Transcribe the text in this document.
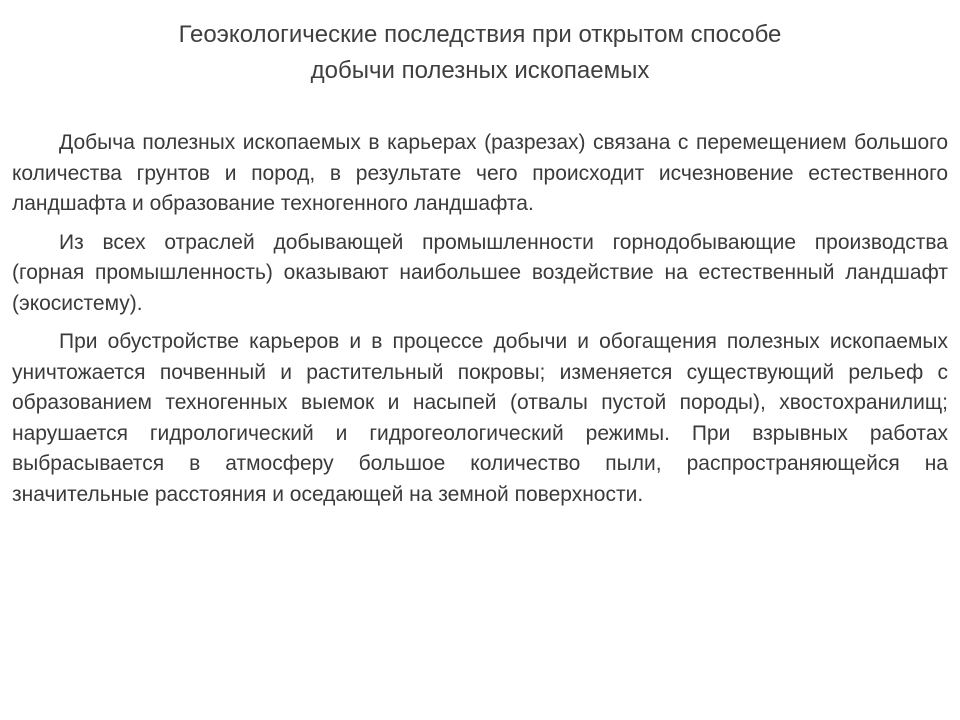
Геоэкологические последствия при открытом способе
добычи полезных ископаемых

Добыча полезных ископаемых в карьерах (разрезах) связана с перемещением большого количества грунтов и пород, в результате чего происходит исчезновение естественного ландшафта и образование техногенного ландшафта.

Из всех отраслей добывающей промышленности горнодобывающие производства (горная промышленность) оказывают наибольшее воздействие на естественный ландшафт (экосистему).

При обустройстве карьеров и в процессе добычи и обогащения полезных ископаемых уничтожается почвенный и растительный покровы; изменяется существующий рельеф с образованием техногенных выемок и насыпей (отвалы пустой породы), хвостохранилищ; нарушается гидрологический и гидрогеологический режимы. При взрывных работах выбрасывается в атмосферу большое количество пыли, распространяющейся на значительные расстояния и оседающей на земной поверхности.
